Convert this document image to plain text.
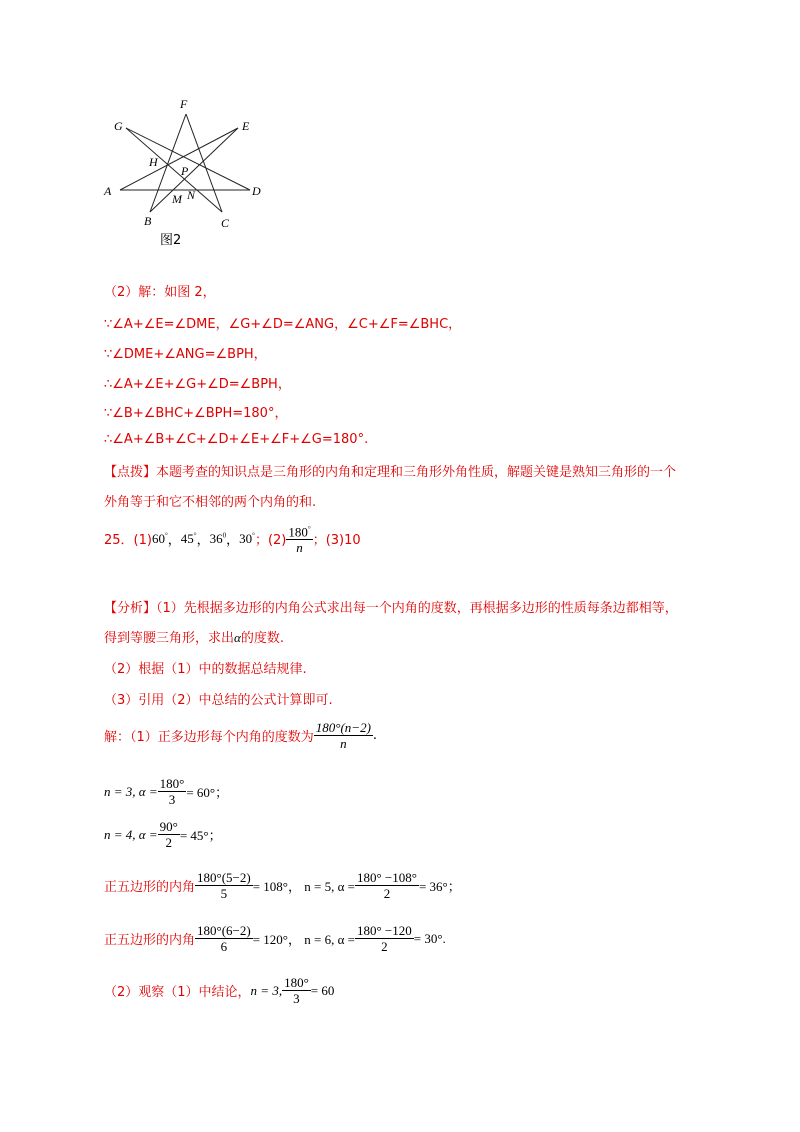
F
G	E
H
P
A	N	D
M
B	C
图2
（2）解：如图 2，
∵∠A+∠E=∠DME，∠G+∠D=∠ANG，∠C+∠F=∠BHC，
∵∠DME+∠ANG=∠BPH，
∴∠A+∠E+∠G+∠D=∠BPH，
∵∠B+∠BHC+∠BPH=180°，
∴∠A+∠B+∠C+∠D+∠E+∠F+∠G=180°.
【点拨】本题考查的知识点是三角形的内角和定理和三角形外角性质，解题关键是熟知三角形的一个
外角等于和它不相邻的两个内角的和.
25．(1) 60° ， 45° ， $36^0$ ， 30° ；$(2) \frac{180^\circ}{n}$ ；(3)10
【分析】（1）先根据多边形的内角公式求出每一个内角的度数，再根据多边形的性质每条边都相等，
得到等腰三角形，求出α的度数.
（2）根据（1）中的数据总结规律.
（3）引用（2）中总结的公式计算即可.
解：（1）正多边形每个内角的度数为 $\frac{180^\circ(n-2)}{n}$ .
n = 3, $\alpha = \frac{180^\circ}{3} = 60^\circ$；
n = 4, $\alpha = \frac{90^\circ}{2} = 45^\circ$；
正五边形的内角 $\frac{180^\circ(5-2)}{5} = 108^\circ$， n = 5, $\alpha = \frac{180^\circ -108^\circ}{2} = 36^\circ$；
正五边形的内角 $\frac{180^\circ(6-2)}{6} = 120^\circ$， n = 6, $\alpha = \frac{180^\circ -120}{2} = 30^\circ$.
（2）观察（1）中结论， n = 3, $\frac{180^\circ}{3} = 60$
